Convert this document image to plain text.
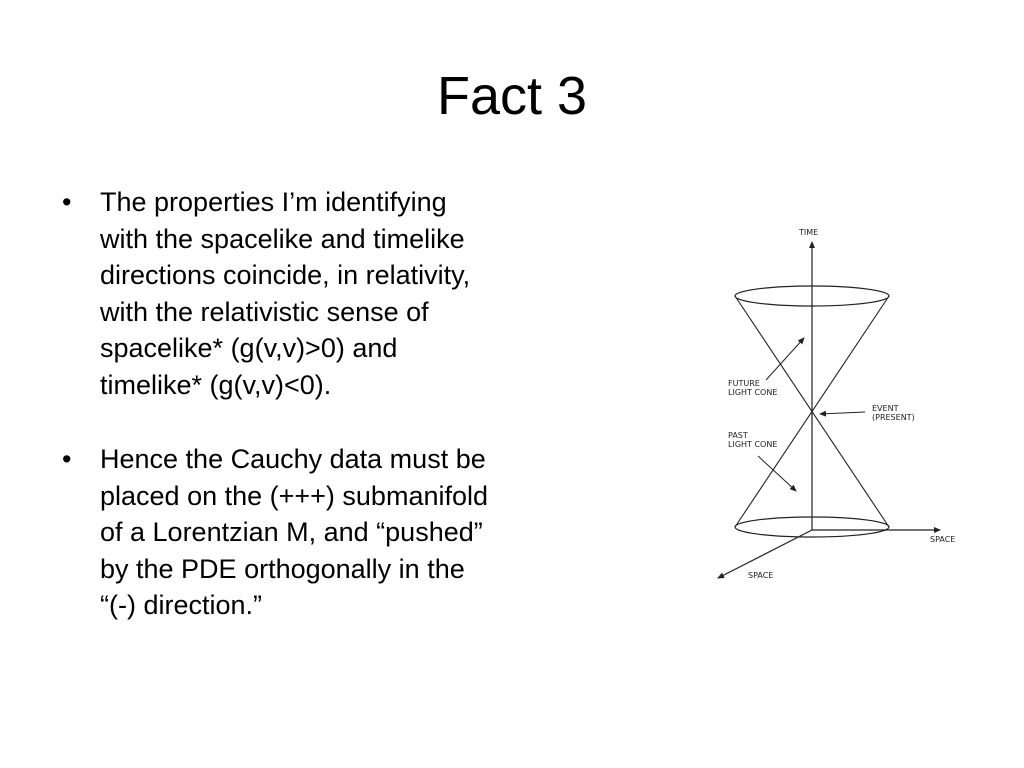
Fact 3
• The properties I’m identifying
with the spacelike and timelike
directions coincide, in relativity,
with the relativistic sense of
spacelike* (g(v,v)>0) and
timelike* (g(v,v)<0).
• Hence the Cauchy data must be
placed on the (+++) submanifold
of a Lorentzian M, and “pushed”
by the PDE orthogonally in the
“(-) direction.”
TIME
FUTURE
LIGHT CONE
PAST
LIGHT CONE
EVENT
(PRESENT)
SPACE
SPACE
